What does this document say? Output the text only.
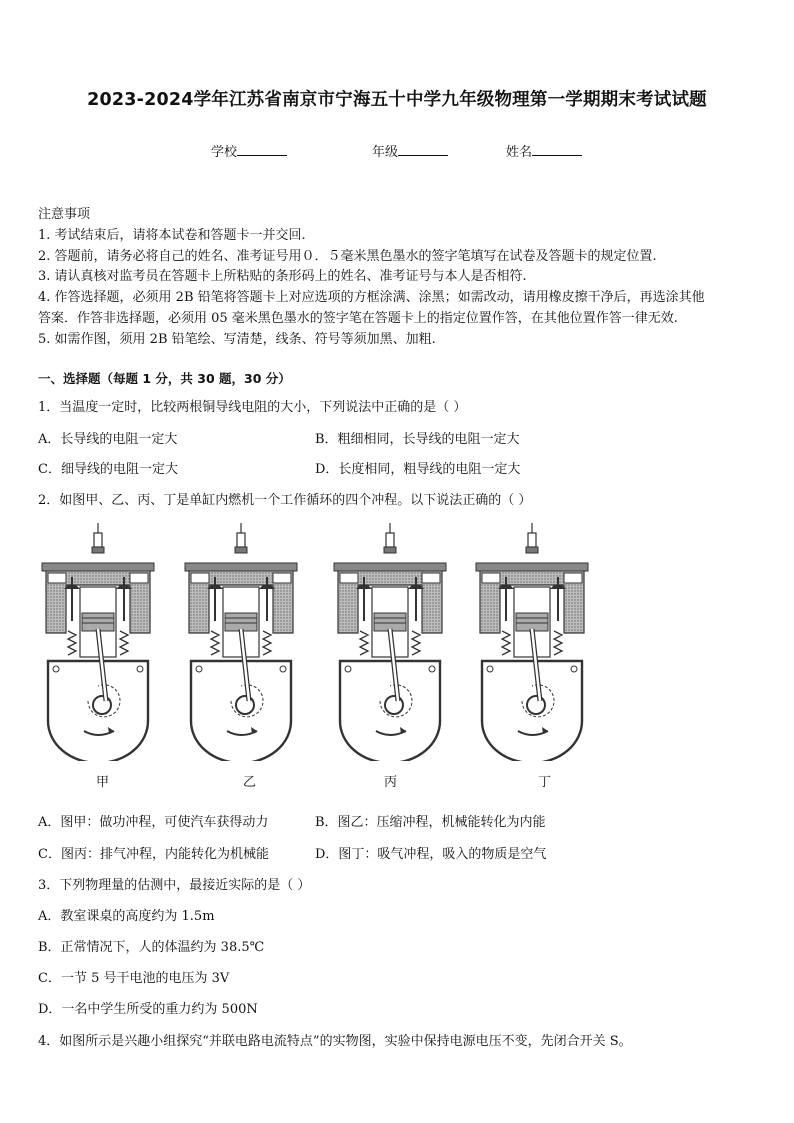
2023-2024学年江苏省南京市宁海五十中学九年级物理第一学期期末考试试题
学校	年级	姓名
注意事项
1. 考试结束后，请将本试卷和答题卡一并交回.
2. 答题前，请务必将自己的姓名、准考证号用０．５毫米黑色墨水的签字笔填写在试卷及答题卡的规定位置.
3. 请认真核对监考员在答题卡上所粘贴的条形码上的姓名、准考证号与本人是否相符.
4. 作答选择题，必须用 2B 铅笔将答题卡上对应选项的方框涂满、涂黑；如需改动，请用橡皮擦干净后，再选涂其他
答案．作答非选择题，必须用 05 毫米黑色墨水的签字笔在答题卡上的指定位置作答，在其他位置作答一律无效.
5. 如需作图，须用 2B 铅笔绘、写清楚，线条、符号等须加黑、加粗.
一、选择题（每题 1 分，共 30 题，30 分）
1．当温度一定时，比较两根铜导线电阻的大小，下列说法中正确的是（ ）
A．长导线的电阻一定大	B．粗细相同，长导线的电阻一定大
C．细导线的电阻一定大	D．长度相同，粗导线的电阻一定大
2．如图甲、乙、丙、丁是单缸内燃机一个工作循环的四个冲程。以下说法正确的（ ）
甲	乙	丙	丁
A．图甲：做功冲程，可使汽车获得动力	B．图乙：压缩冲程，机械能转化为内能
C．图丙：排气冲程，内能转化为机械能	D．图丁：吸气冲程，吸入的物质是空气
3．下列物理量的估测中，最接近实际的是（ ）
A．教室课桌的高度约为 1.5m
B．正常情况下，人的体温约为 38.5℃
C．一节 5 号干电池的电压为 3V
D．一名中学生所受的重力约为 500N
4．如图所示是兴趣小组探究“并联电路电流特点”的实物图，实验中保持电源电压不变，先闭合开关 S。
